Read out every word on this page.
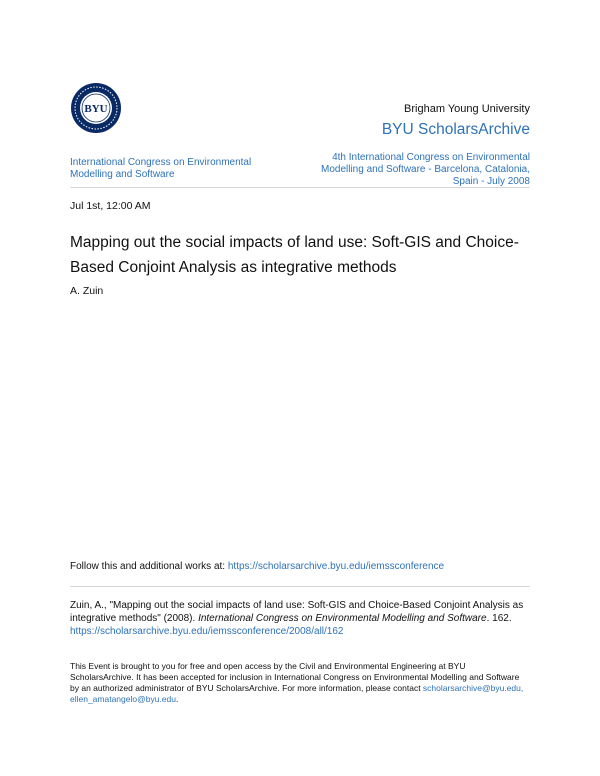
BYU	Brigham Young University
BYU ScholarsArchive
International Congress on Environmental Modelling and Software
4th International Congress on Environmental Modelling and Software - Barcelona, Catalonia, Spain - July 2008
Jul 1st, 12:00 AM
Mapping out the social impacts of land use: Soft-GIS and Choice-Based Conjoint Analysis as integrative methods
A. Zuin
Follow this and additional works at: https://scholarsarchive.byu.edu/iemssconference
Zuin, A., "Mapping out the social impacts of land use: Soft-GIS and Choice-Based Conjoint Analysis as integrative methods" (2008). International Congress on Environmental Modelling and Software. 162.
https://scholarsarchive.byu.edu/iemssconference/2008/all/162
This Event is brought to you for free and open access by the Civil and Environmental Engineering at BYU ScholarsArchive. It has been accepted for inclusion in International Congress on Environmental Modelling and Software by an authorized administrator of BYU ScholarsArchive. For more information, please contact scholarsarchive@byu.edu, ellen_amatangelo@byu.edu.
